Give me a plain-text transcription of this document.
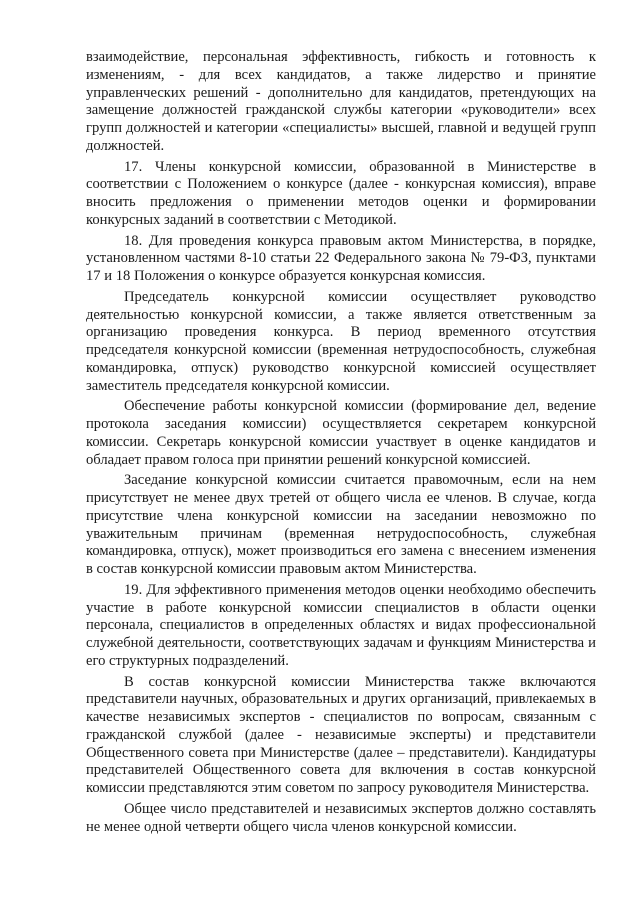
взаимодействие, персональная эффективность, гибкость и готовность к изменениям, - для всех кандидатов, а также лидерство и принятие управленческих решений - дополнительно для кандидатов, претендующих на замещение должностей гражданской службы категории «руководители» всех групп должностей и категории «специалисты» высшей, главной и ведущей групп должностей.

17. Члены конкурсной комиссии, образованной в Министерстве в соответствии с Положением о конкурсе (далее - конкурсная комиссия), вправе вносить предложения о применении методов оценки и формировании конкурсных заданий в соответствии с Методикой.

18. Для проведения конкурса правовым актом Министерства, в порядке, установленном частями 8-10 статьи 22 Федерального закона № 79-ФЗ, пунктами 17 и 18 Положения о конкурсе образуется конкурсная комиссия.

Председатель конкурсной комиссии осуществляет руководство деятельностью конкурсной комиссии, а также является ответственным за организацию проведения конкурса. В период временного отсутствия председателя конкурсной комиссии (временная нетрудоспособность, служебная командировка, отпуск) руководство конкурсной комиссией осуществляет заместитель председателя конкурсной комиссии.

Обеспечение работы конкурсной комиссии (формирование дел, ведение протокола заседания комиссии) осуществляется секретарем конкурсной комиссии. Секретарь конкурсной комиссии участвует в оценке кандидатов и обладает правом голоса при принятии решений конкурсной комиссией.

Заседание конкурсной комиссии считается правомочным, если на нем присутствует не менее двух третей от общего числа ее членов. В случае, когда присутствие члена конкурсной комиссии на заседании невозможно по уважительным причинам (временная нетрудоспособность, служебная командировка, отпуск), может производиться его замена с внесением изменения в состав конкурсной комиссии правовым актом Министерства.

19. Для эффективного применения методов оценки необходимо обеспечить участие в работе конкурсной комиссии специалистов в области оценки персонала, специалистов в определенных областях и видах профессиональной служебной деятельности, соответствующих задачам и функциям Министерства и его структурных подразделений.

В состав конкурсной комиссии Министерства также включаются представители научных, образовательных и других организаций, привлекаемых в качестве независимых экспертов - специалистов по вопросам, связанным с гражданской службой (далее - независимые эксперты) и представители Общественного совета при Министерстве (далее – представители). Кандидатуры представителей Общественного совета для включения в состав конкурсной комиссии представляются этим советом по запросу руководителя Министерства.

Общее число представителей и независимых экспертов должно составлять не менее одной четверти общего числа членов конкурсной комиссии.
